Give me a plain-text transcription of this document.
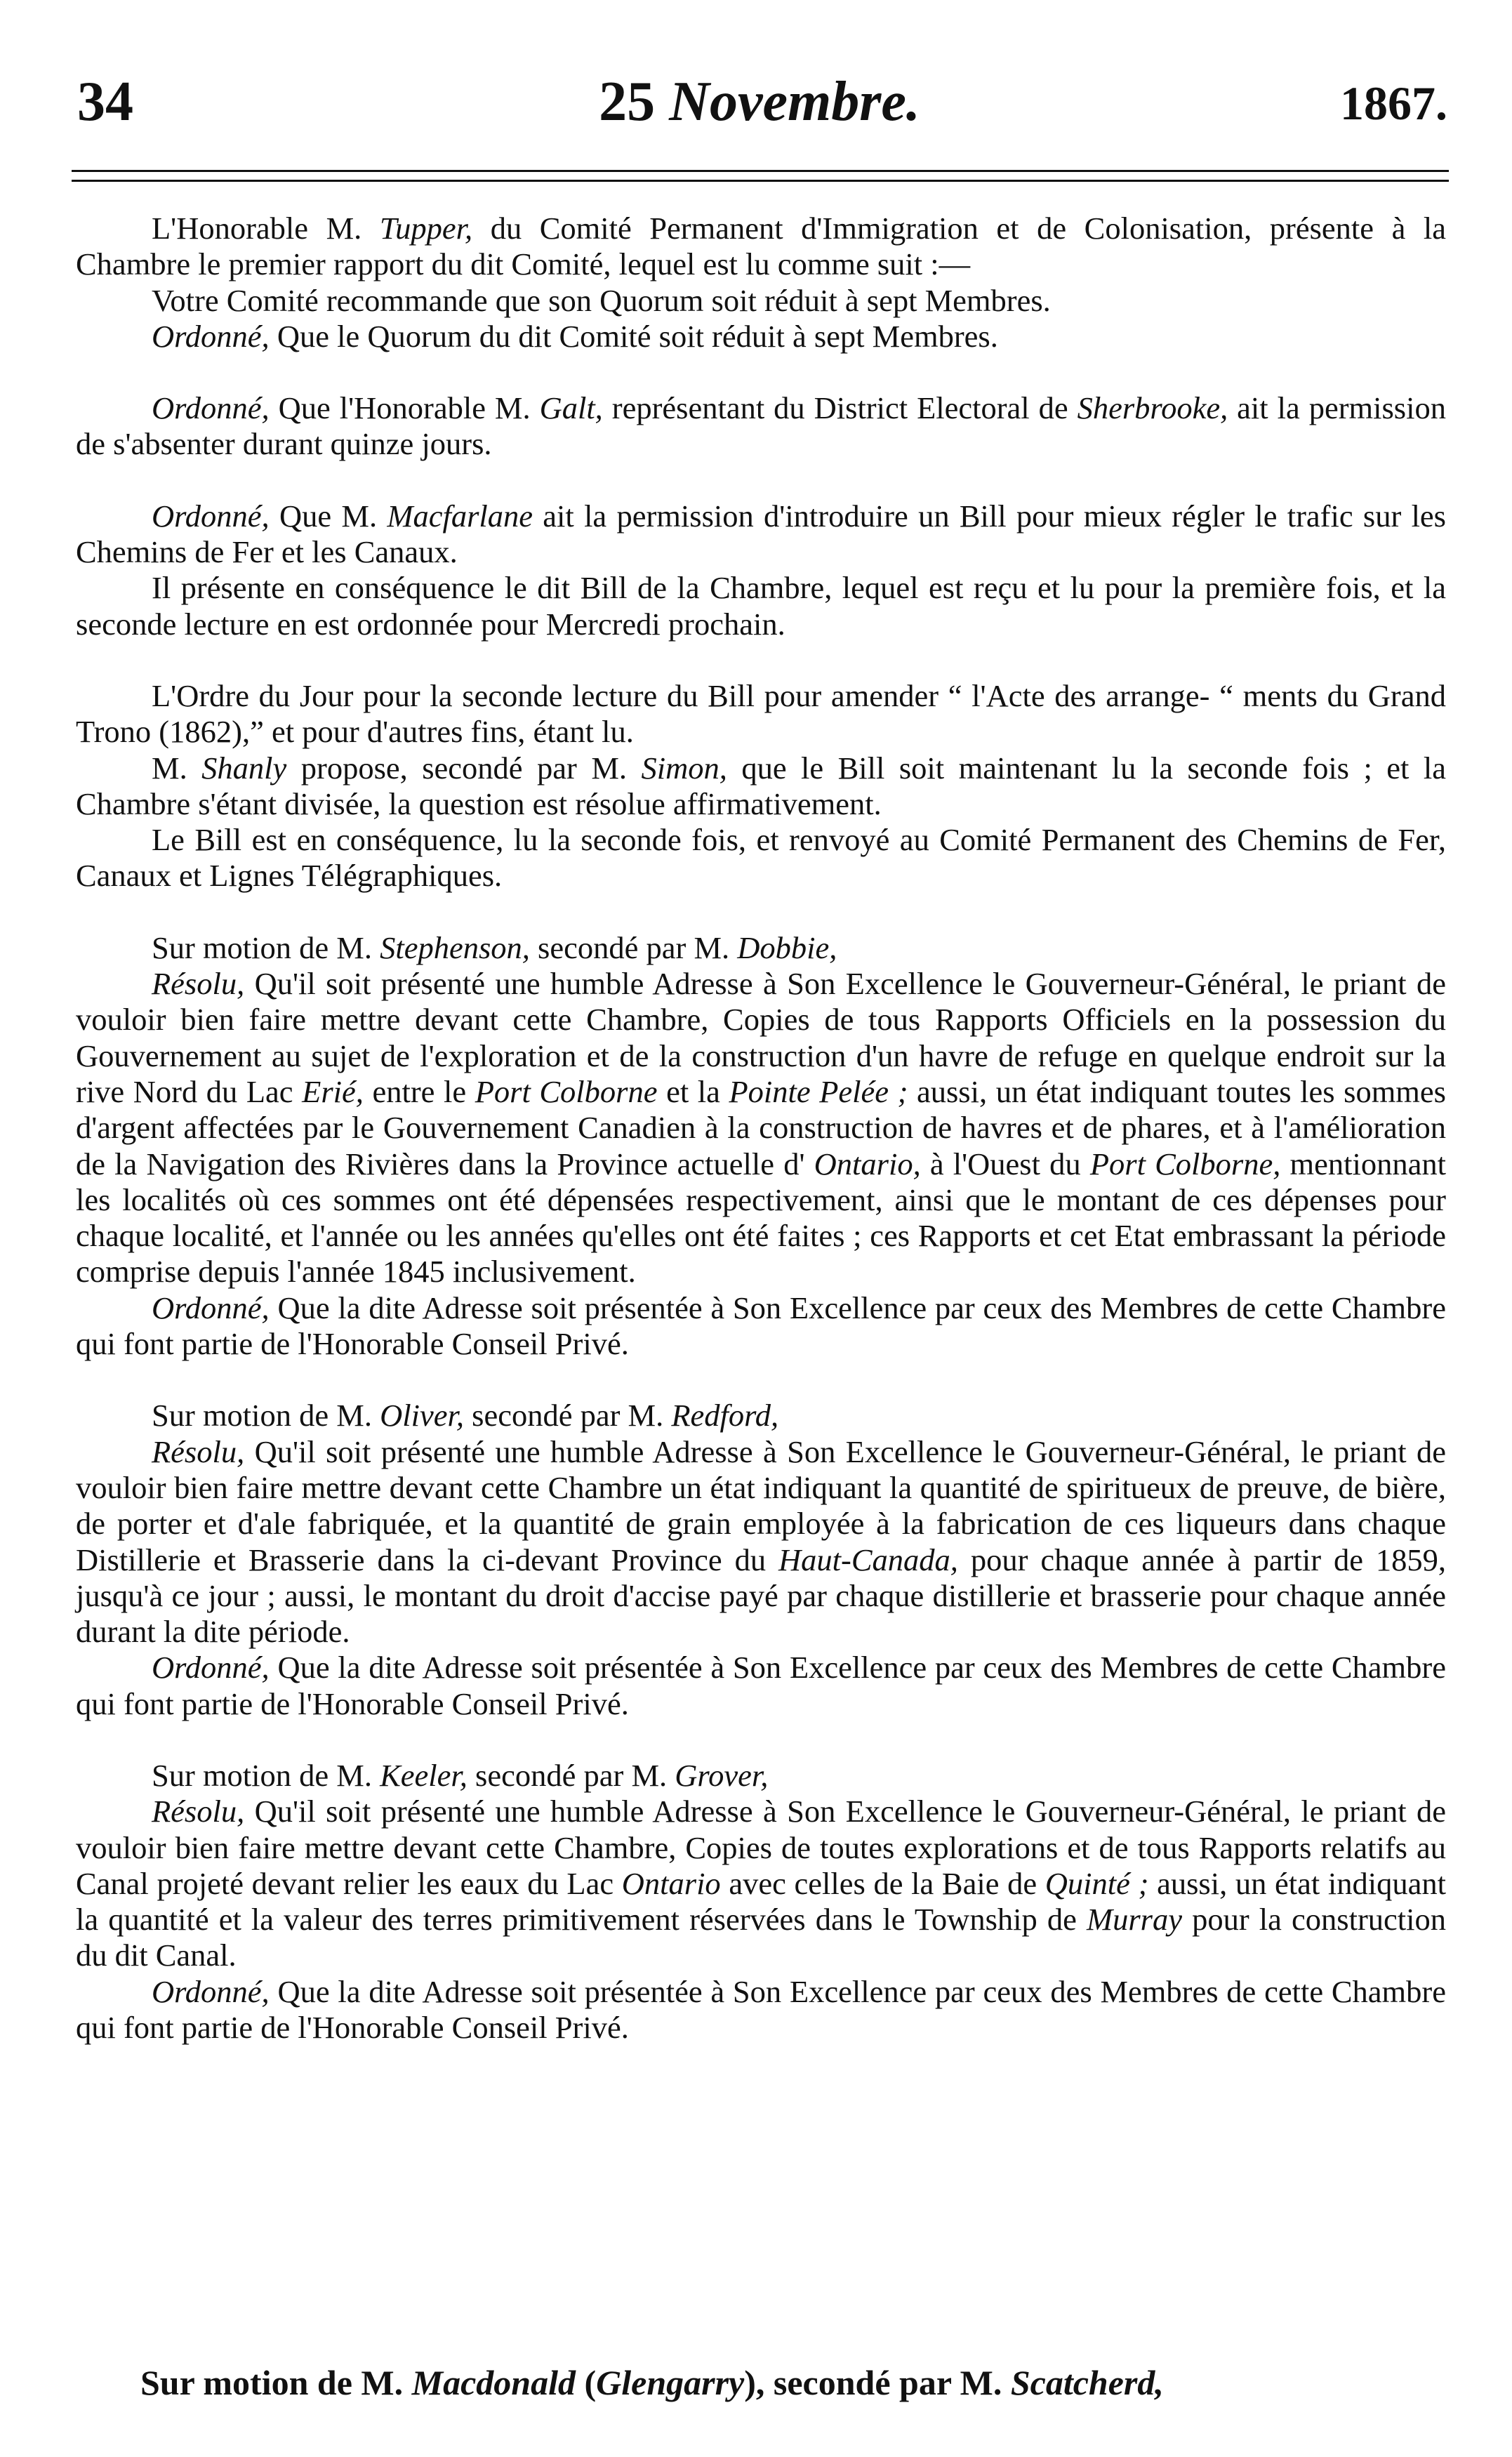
34	25 Novembre.	1867.

L'Honorable M. Tupper, du Comité Permanent d'Immigration et de Colonisation, présente à la Chambre le premier rapport du dit Comité, lequel est lu comme suit :—

Votre Comité recommande que son Quorum soit réduit à sept Membres.

Ordonné, Que le Quorum du dit Comité soit réduit à sept Membres.

Ordonné, Que l'Honorable M. Galt, représentant du District Electoral de Sherbrooke, ait la permission de s'absenter durant quinze jours.

Ordonné, Que M. Macfarlane ait la permission d'introduire un Bill pour mieux régler le trafic sur les Chemins de Fer et les Canaux.

Il présente en conséquence le dit Bill de la Chambre, lequel est reçu et lu pour la première fois, et la seconde lecture en est ordonnée pour Mercredi prochain.

L'Ordre du Jour pour la seconde lecture du Bill pour amender “ l'Acte des arrange- “ ments du Grand Trono (1862),” et pour d'autres fins, étant lu.

M. Shanly propose, secondé par M. Simon, que le Bill soit maintenant lu la seconde fois ; et la Chambre s'étant divisée, la question est résolue affirmativement.

Le Bill est en conséquence, lu la seconde fois, et renvoyé au Comité Permanent des Chemins de Fer, Canaux et Lignes Télégraphiques.

Sur motion de M. Stephenson, secondé par M. Dobbie,

Résolu, Qu'il soit présenté une humble Adresse à Son Excellence le Gouverneur-Général, le priant de vouloir bien faire mettre devant cette Chambre, Copies de tous Rapports Officiels en la possession du Gouvernement au sujet de l'exploration et de la construction d'un havre de refuge en quelque endroit sur la rive Nord du Lac Erié, entre le Port Colborne et la Pointe Pelée ; aussi, un état indiquant toutes les sommes d'argent affectées par le Gouvernement Canadien à la construction de havres et de phares, et à l'amélioration de la Navigation des Rivières dans la Province actuelle d' Ontario, à l'Ouest du Port Colborne, mentionnant les localités où ces sommes ont été dépensées respectivement, ainsi que le montant de ces dépenses pour chaque localité, et l'année ou les années qu'elles ont été faites ; ces Rapports et cet Etat embrassant la période comprise depuis l'année 1845 inclusivement.

Ordonné, Que la dite Adresse soit présentée à Son Excellence par ceux des Membres de cette Chambre qui font partie de l'Honorable Conseil Privé.

Sur motion de M. Oliver, secondé par M. Redford,

Résolu, Qu'il soit présenté une humble Adresse à Son Excellence le Gouverneur-Général, le priant de vouloir bien faire mettre devant cette Chambre un état indiquant la quantité de spiritueux de preuve, de bière, de porter et d'ale fabriquée, et la quantité de grain employée à la fabrication de ces liqueurs dans chaque Distillerie et Brasserie dans la ci-devant Province du Haut-Canada, pour chaque année à partir de 1859, jusqu'à ce jour ; aussi, le montant du droit d'accise payé par chaque distillerie et brasserie pour chaque année durant la dite période.

Ordonné, Que la dite Adresse soit présentée à Son Excellence par ceux des Membres de cette Chambre qui font partie de l'Honorable Conseil Privé.

Sur motion de M. Keeler, secondé par M. Grover,

Résolu, Qu'il soit présenté une humble Adresse à Son Excellence le Gouverneur-Général, le priant de vouloir bien faire mettre devant cette Chambre, Copies de toutes explorations et de tous Rapports relatifs au Canal projeté devant relier les eaux du Lac Ontario avec celles de la Baie de Quinté ; aussi, un état indiquant la quantité et la valeur des terres primitivement réservées dans le Township de Murray pour la construction du dit Canal.

Ordonné, Que la dite Adresse soit présentée à Son Excellence par ceux des Membres de cette Chambre qui font partie de l'Honorable Conseil Privé.

Sur motion de M. Macdonald (Glengarry), secondé par M. Scatcherd,
